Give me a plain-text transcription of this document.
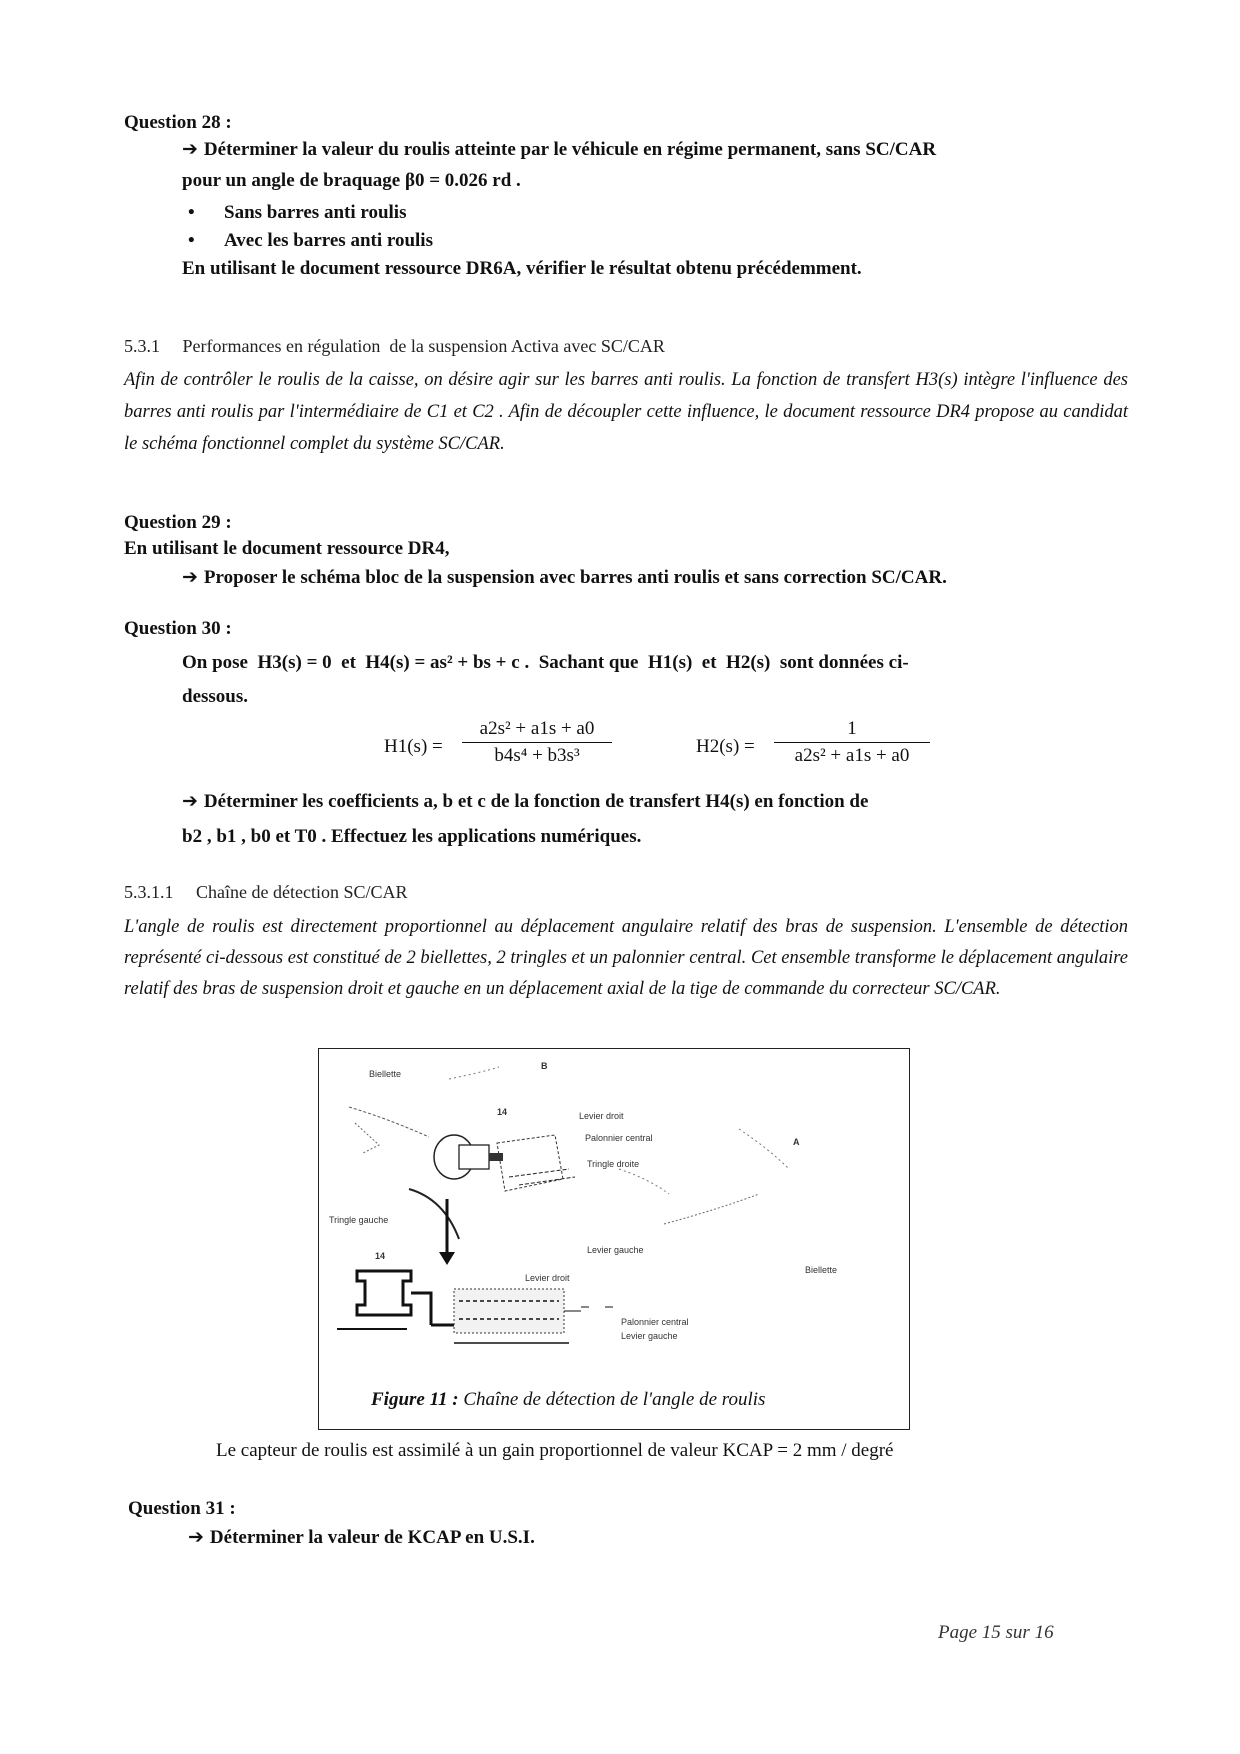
Question 28 :
➔ Déterminer la valeur du roulis atteinte par le véhicule en régime permanent, sans SC/CAR
pour un angle de braquage β0 = 0.026 rd .
• Sans barres anti roulis
• Avec les barres anti roulis
En utilisant le document ressource DR6A, vérifier le résultat obtenu précédemment.
5.3.1     Performances en régulation  de la suspension Activa avec SC/CAR
Afin de contrôler le roulis de la caisse, on désire agir sur les barres anti roulis. La fonction de transfert H3(s) intègre l'influence des barres anti roulis par l'intermédiaire de C1 et C2 . Afin de découpler cette influence, le document ressource DR4 propose au candidat le schéma fonctionnel complet du système SC/CAR.
Question 29 :
En utilisant le document ressource DR4,
➔ Proposer le schéma bloc de la suspension avec barres anti roulis et sans correction SC/CAR.
Question 30 :
On pose  H3(s) = 0  et  H4(s) = as² + bs + c .  Sachant que  H1(s)  et  H2(s)  sont données ci-
dessous.
$H1(s) = \frac{\text{a2s² + a1s + a0}}{\text{b4s⁴ + b3s³}}$	$H2(s) = \frac{1}{\text{a2s² + a1s + a0}}$
➔ Déterminer les coefficients a, b et c de la fonction de transfert H4(s) en fonction de
b2 , b1 , b0 et T0 . Effectuez les applications numériques.
5.3.1.1     Chaîne de détection SC/CAR
L'angle de roulis est directement proportionnel au déplacement angulaire relatif des bras de suspension. L'ensemble de détection représenté ci-dessous est constitué de 2 biellettes, 2 tringles et un palonnier central. Cet ensemble transforme le déplacement angulaire relatif des bras de suspension droit et gauche en un déplacement axial de la tige de commande du correcteur SC/CAR.
Biellette
B
14	Levier droit
Palonnier central
Tringle droite
A
Tringle gauche
Levier gauche
Biellette
14
Levier droit
Palonnier central
Levier gauche
Figure 11 : Chaîne de détection de l'angle de roulis
Le capteur de roulis est assimilé à un gain proportionnel de valeur KCAP = 2 mm / degré
Question 31 :
➔ Déterminer la valeur de KCAP en U.S.I.
Page 15 sur 16
